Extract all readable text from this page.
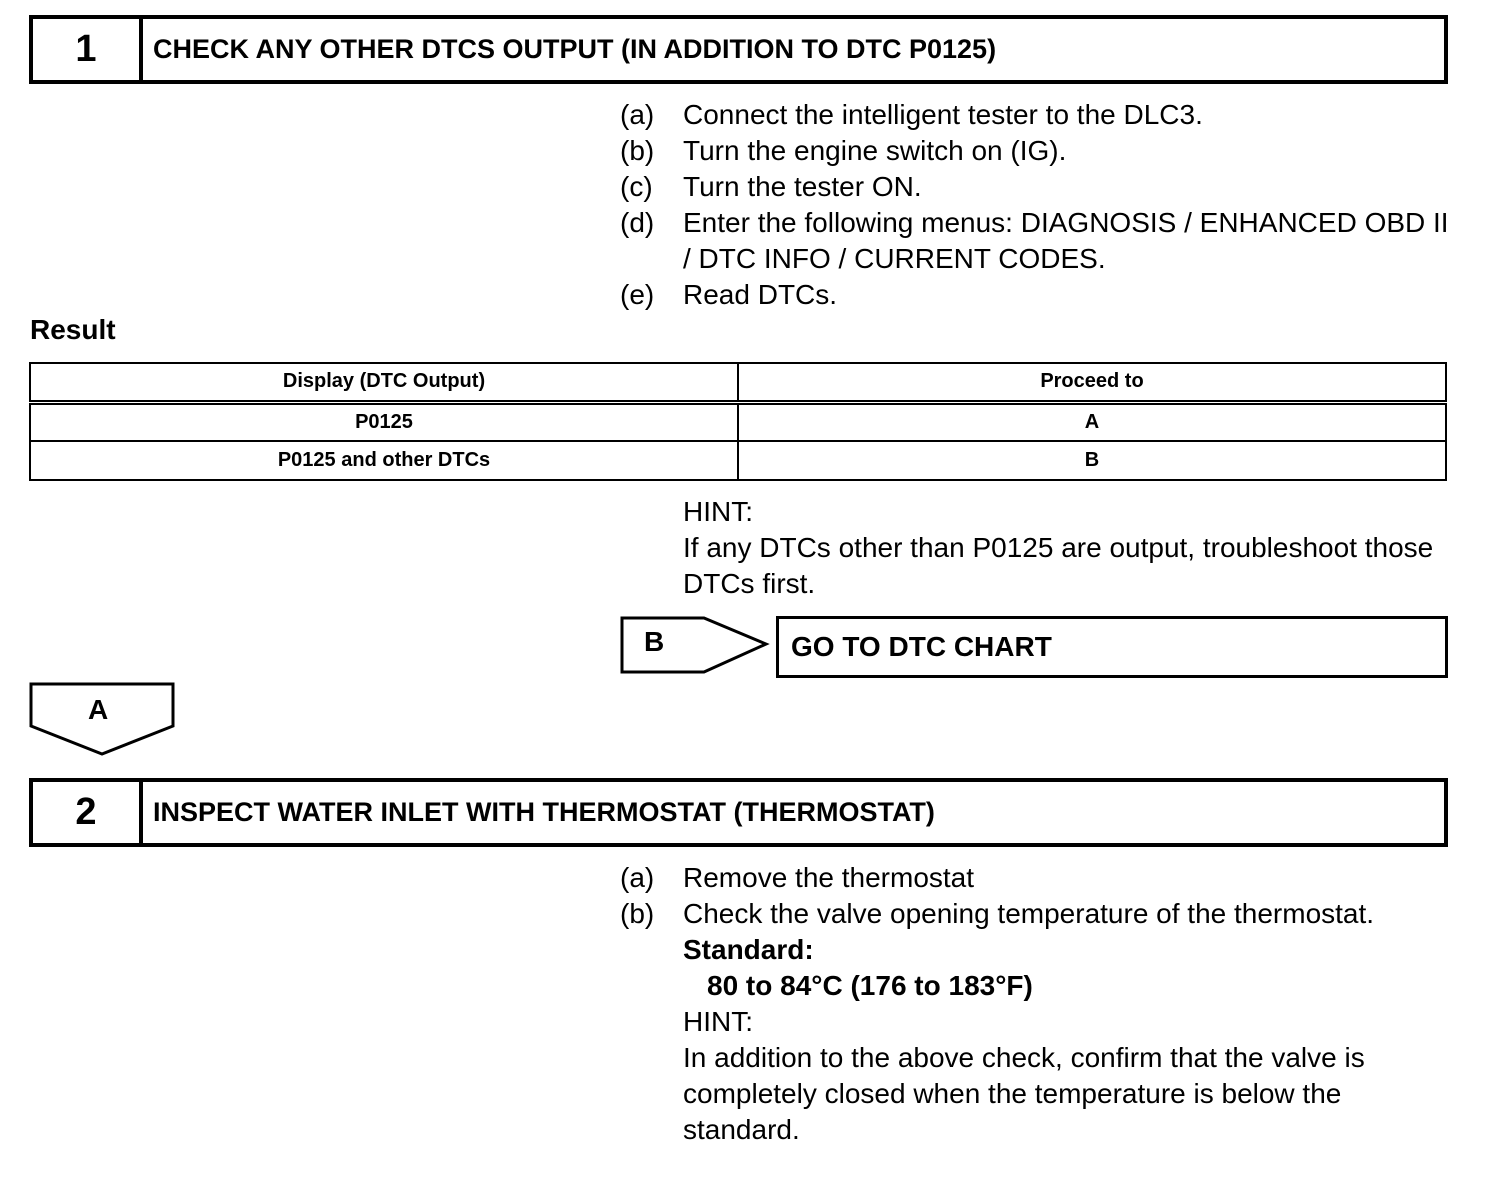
1	CHECK ANY OTHER DTCS OUTPUT (IN ADDITION TO DTC P0125)
(a)	Connect the intelligent tester to the DLC3.
(b)	Turn the engine switch on (IG).
(c)	Turn the tester ON.
(d)	Enter the following menus: DIAGNOSIS / ENHANCED OBD II / DTC INFO / CURRENT CODES.
(e)	Read DTCs.
Result
Display (DTC Output)	Proceed to
P0125	A
P0125 and other DTCs	B
HINT:
If any DTCs other than P0125 are output, troubleshoot those DTCs first.
B	GO TO DTC CHART
A
2	INSPECT WATER INLET WITH THERMOSTAT (THERMOSTAT)
(a)	Remove the thermostat
(b)	Check the valve opening temperature of the thermostat.
Standard:
80 to 84°C (176 to 183°F)
HINT:
In addition to the above check, confirm that the valve is completely closed when the temperature is below the standard.
